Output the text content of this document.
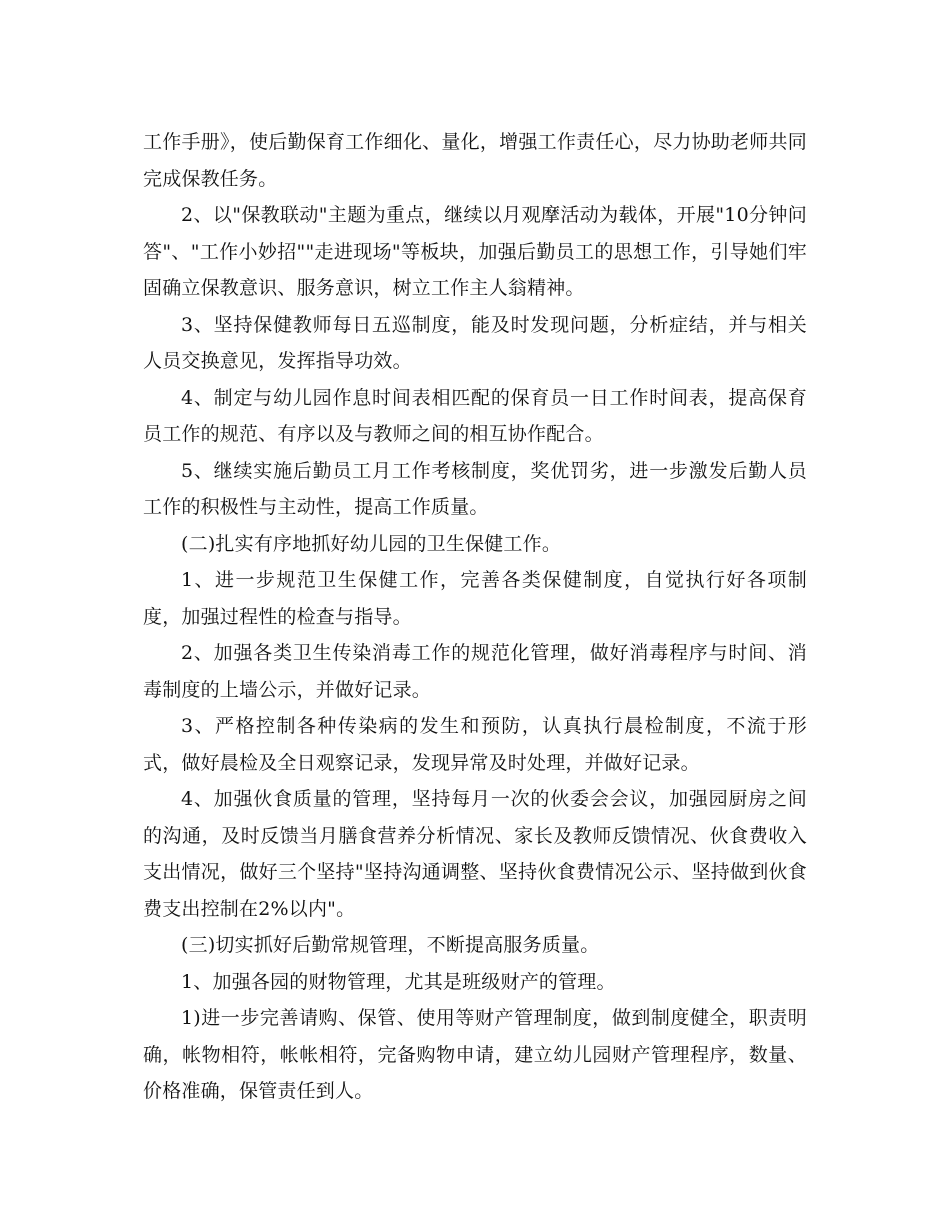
工作手册》，使后勤保育工作细化、量化，增强工作责任心，尽力协助老师共同完成保教任务。

2、以"保教联动"主题为重点，继续以月观摩活动为载体，开展"10分钟问答"、"工作小妙招""走进现场"等板块，加强后勤员工的思想工作，引导她们牢固确立保教意识、服务意识，树立工作主人翁精神。

3、坚持保健教师每日五巡制度，能及时发现问题，分析症结，并与相关人员交换意见，发挥指导功效。

4、制定与幼儿园作息时间表相匹配的保育员一日工作时间表，提高保育员工作的规范、有序以及与教师之间的相互协作配合。

5、继续实施后勤员工月工作考核制度，奖优罚劣，进一步激发后勤人员工作的积极性与主动性，提高工作质量。

(二)扎实有序地抓好幼儿园的卫生保健工作。

1、进一步规范卫生保健工作，完善各类保健制度，自觉执行好各项制度，加强过程性的检查与指导。

2、加强各类卫生传染消毒工作的规范化管理，做好消毒程序与时间、消毒制度的上墙公示，并做好记录。

3、严格控制各种传染病的发生和预防，认真执行晨检制度，不流于形式，做好晨检及全日观察记录，发现异常及时处理，并做好记录。

4、加强伙食质量的管理，坚持每月一次的伙委会会议，加强园厨房之间的沟通，及时反馈当月膳食营养分析情况、家长及教师反馈情况、伙食费收入支出情况，做好三个坚持"坚持沟通调整、坚持伙食费情况公示、坚持做到伙食费支出控制在2%以内"。

(三)切实抓好后勤常规管理，不断提高服务质量。

1、加强各园的财物管理，尤其是班级财产的管理。

1)进一步完善请购、保管、使用等财产管理制度，做到制度健全，职责明确，帐物相符，帐帐相符，完备购物申请，建立幼儿园财产管理程序，数量、价格准确，保管责任到人。
